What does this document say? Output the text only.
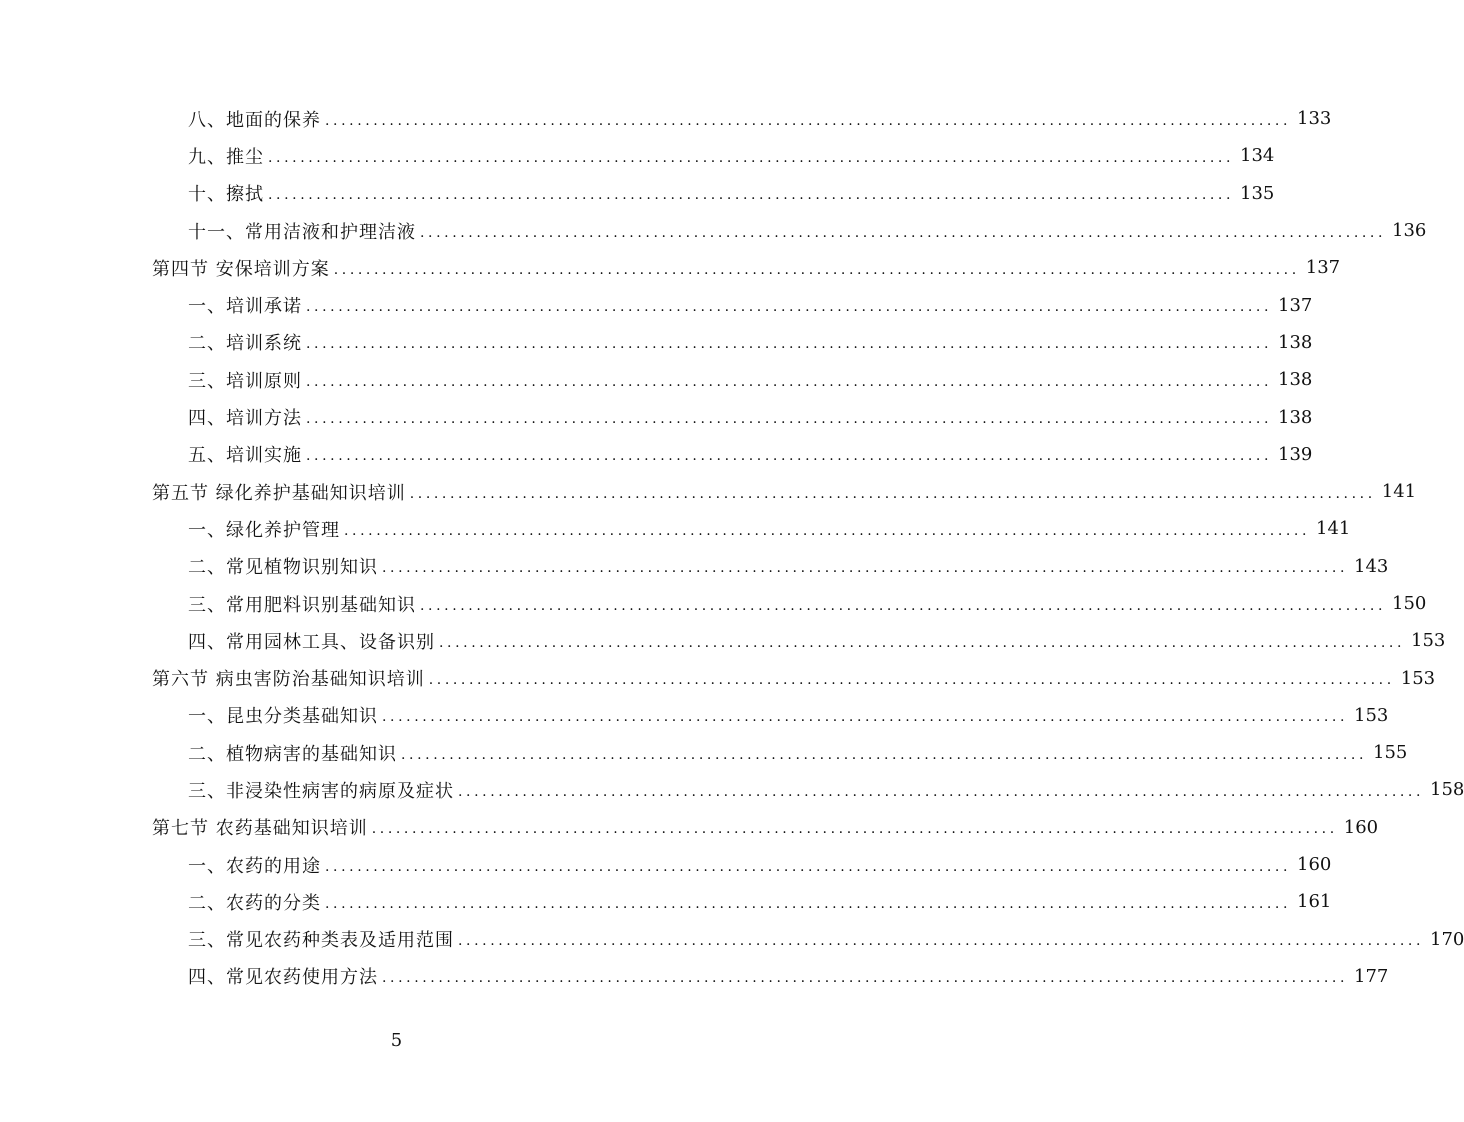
八、地面的保养 ........................................................................................................................ 133
九、推尘 ........................................................................................................................ 134
十、擦拭 ........................................................................................................................ 135
十一、常用洁液和护理洁液 ........................................................................................................................ 136
第四节 安保培训方案 ........................................................................................................................ 137
一、培训承诺 ........................................................................................................................ 137
二、培训系统 ........................................................................................................................ 138
三、培训原则 ........................................................................................................................ 138
四、培训方法 ........................................................................................................................ 138
五、培训实施 ........................................................................................................................ 139
第五节 绿化养护基础知识培训 ........................................................................................................................ 141
一、绿化养护管理 ........................................................................................................................ 141
二、常见植物识别知识 ........................................................................................................................ 143
三、常用肥料识别基础知识 ........................................................................................................................ 150
四、常用园林工具、设备识别 ........................................................................................................................ 153
第六节 病虫害防治基础知识培训 ........................................................................................................................ 153
一、昆虫分类基础知识 ........................................................................................................................ 153
二、植物病害的基础知识 ........................................................................................................................ 155
三、非浸染性病害的病原及症状 ........................................................................................................................ 158
第七节 农药基础知识培训 ........................................................................................................................ 160
一、农药的用途 ........................................................................................................................ 160
二、农药的分类 ........................................................................................................................ 161
三、常见农药种类表及适用范围 ........................................................................................................................ 170
四、常见农药使用方法 ........................................................................................................................ 177
5
